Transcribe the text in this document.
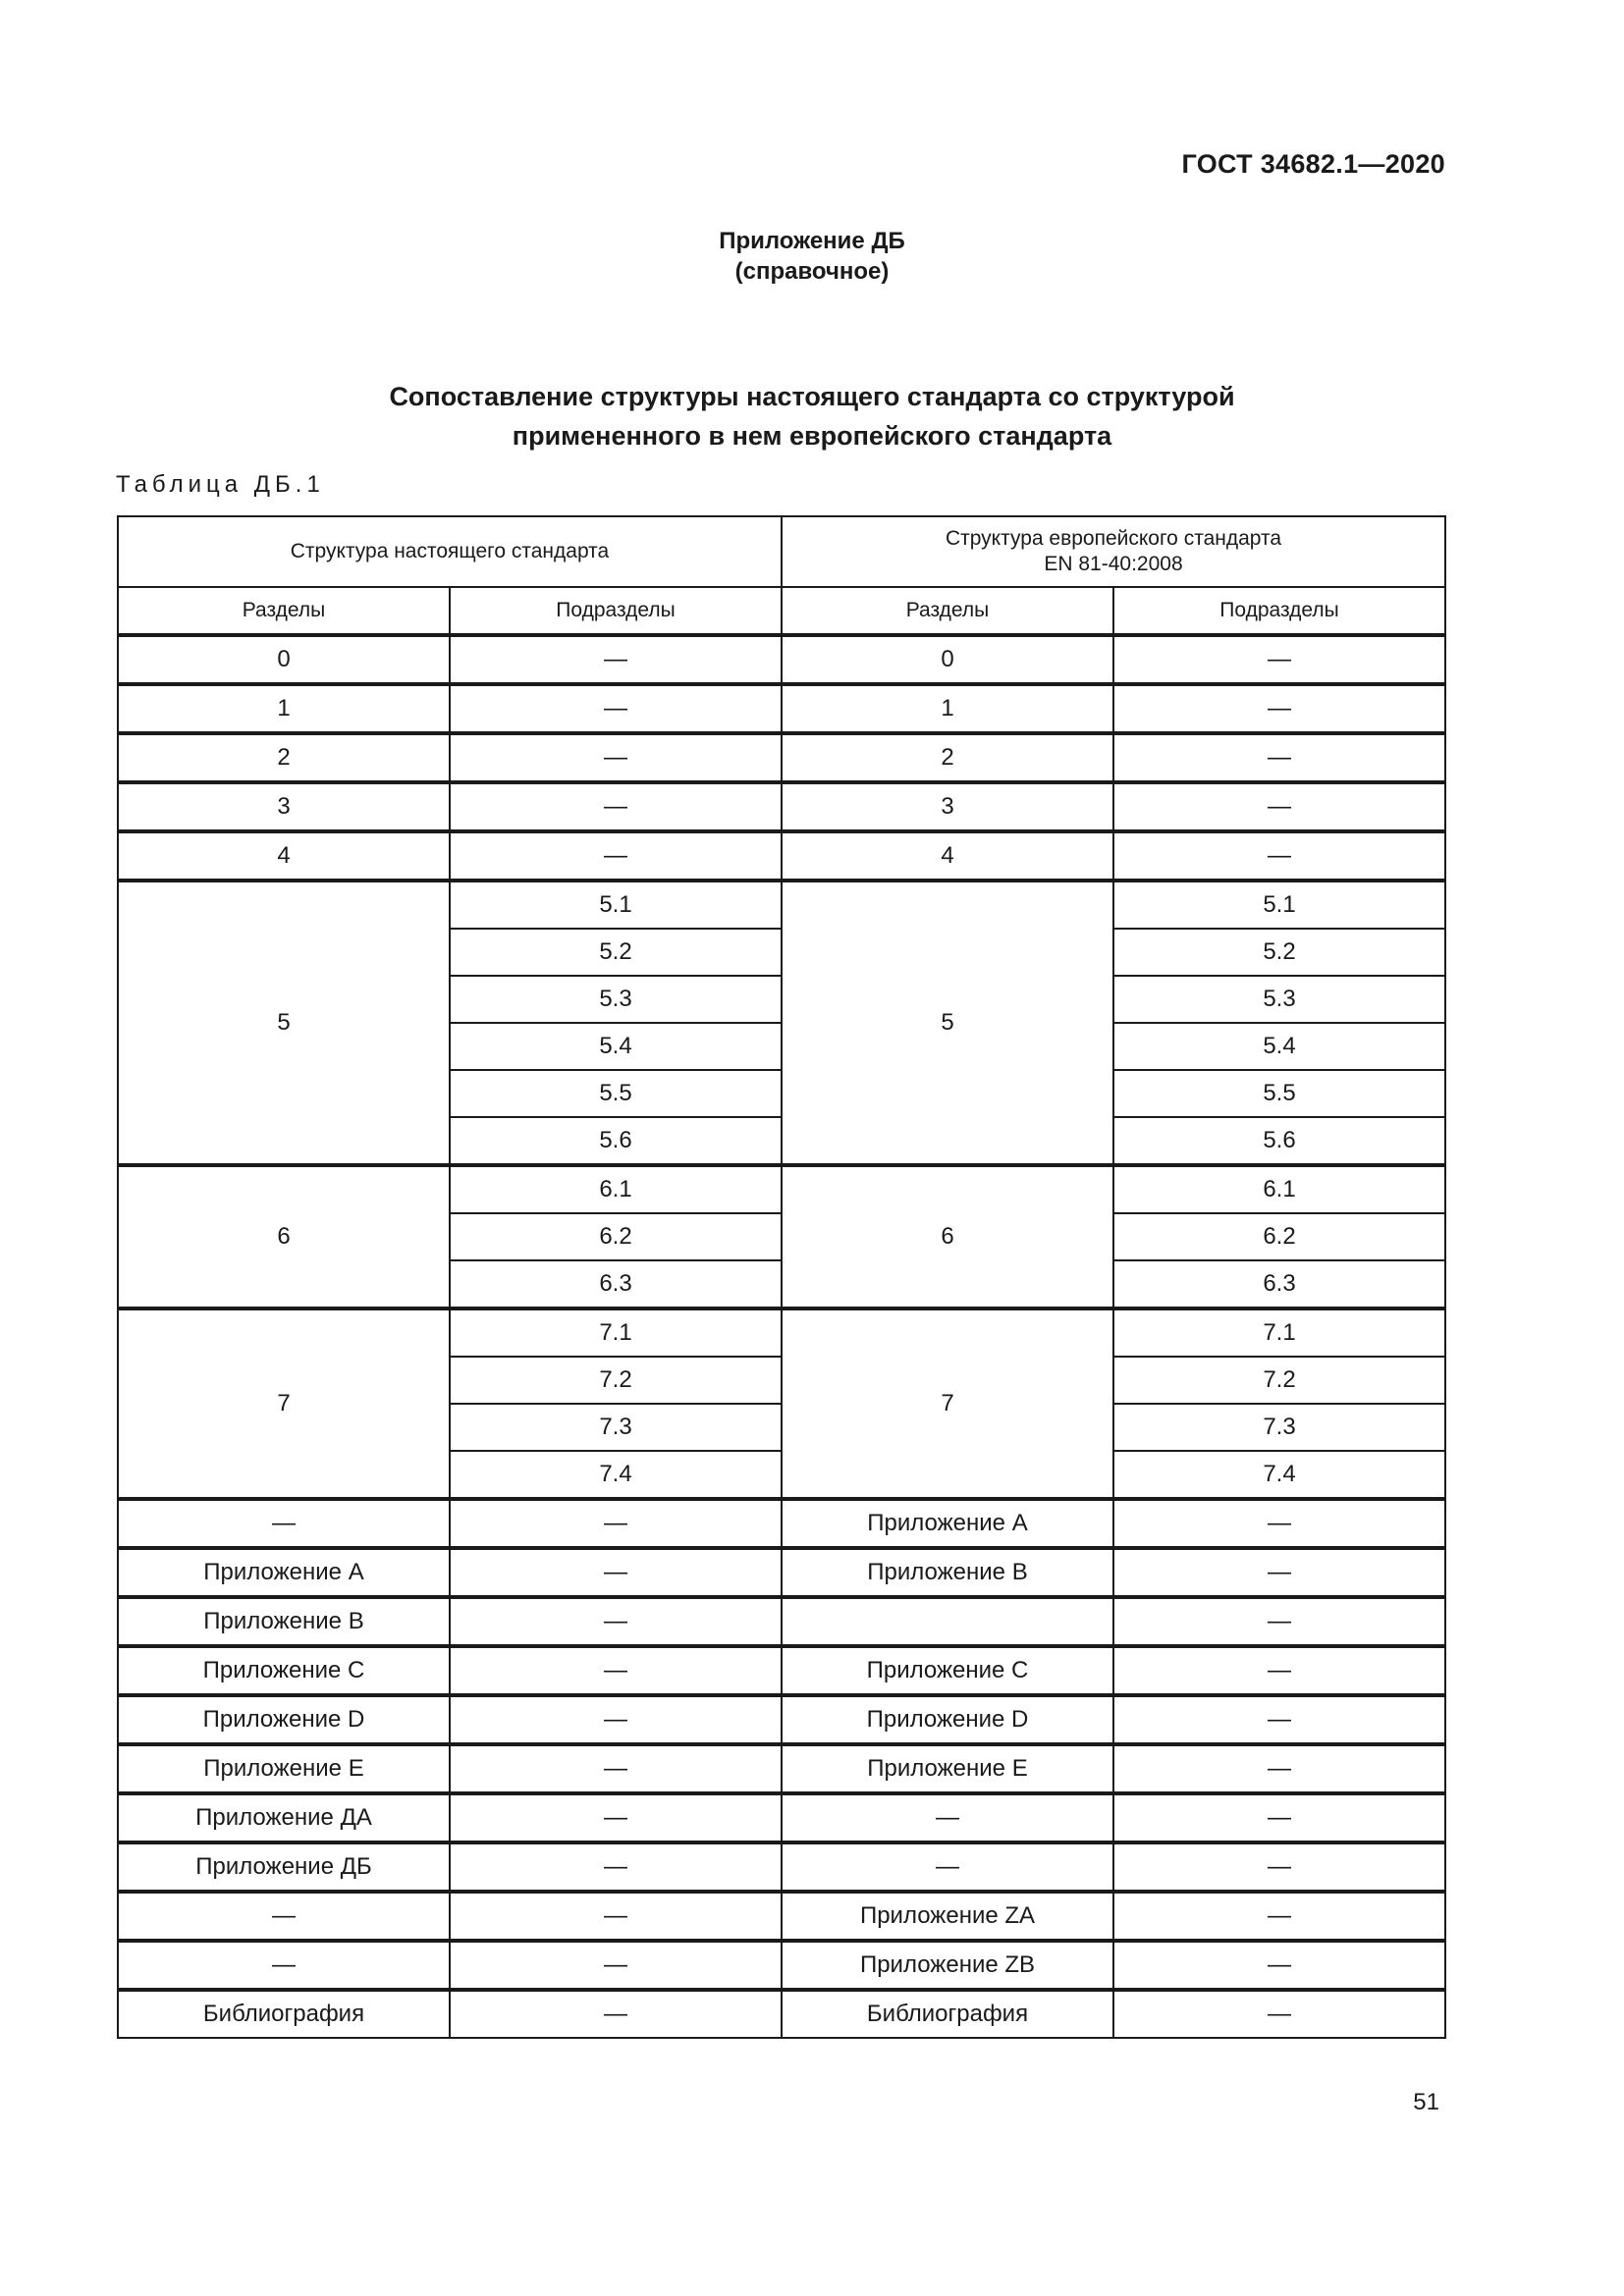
ГОСТ 34682.1—2020
Приложение ДБ
(справочное)
Сопоставление структуры настоящего стандарта со структурой
примененного в нем европейского стандарта
Таблица ДБ.1
Структура настоящего стандарта		Структура европейского стандарта
EN 81-40:2008	

Разделы	Подразделы	Разделы	Подразделы
0	—	0	—
1	—	1	—
2	—	2	—
3	—	3	—
4	—	4	—
5	5.1	5	5.1
	5.2		5.2
	5.3		5.3
	5.4		5.4
	5.5		5.5
	5.6		5.6
6	6.1	6	6.1
	6.2		6.2
	6.3		6.3
7	7.1	7	7.1
	7.2		7.2
	7.3		7.3
	7.4		7.4
—	—	Приложение А	—
Приложение А	—	Приложение В	—
Приложение В	—		—
Приложение С	—	Приложение С	—
Приложение D	—	Приложение D	—
Приложение Е	—	Приложение Е	—
Приложение ДА	—	—	—
Приложение ДБ	—	—	—
—	—	Приложение ZA	—
—	—	Приложение ZB	—
Библиография	—	Библиография	—
51
